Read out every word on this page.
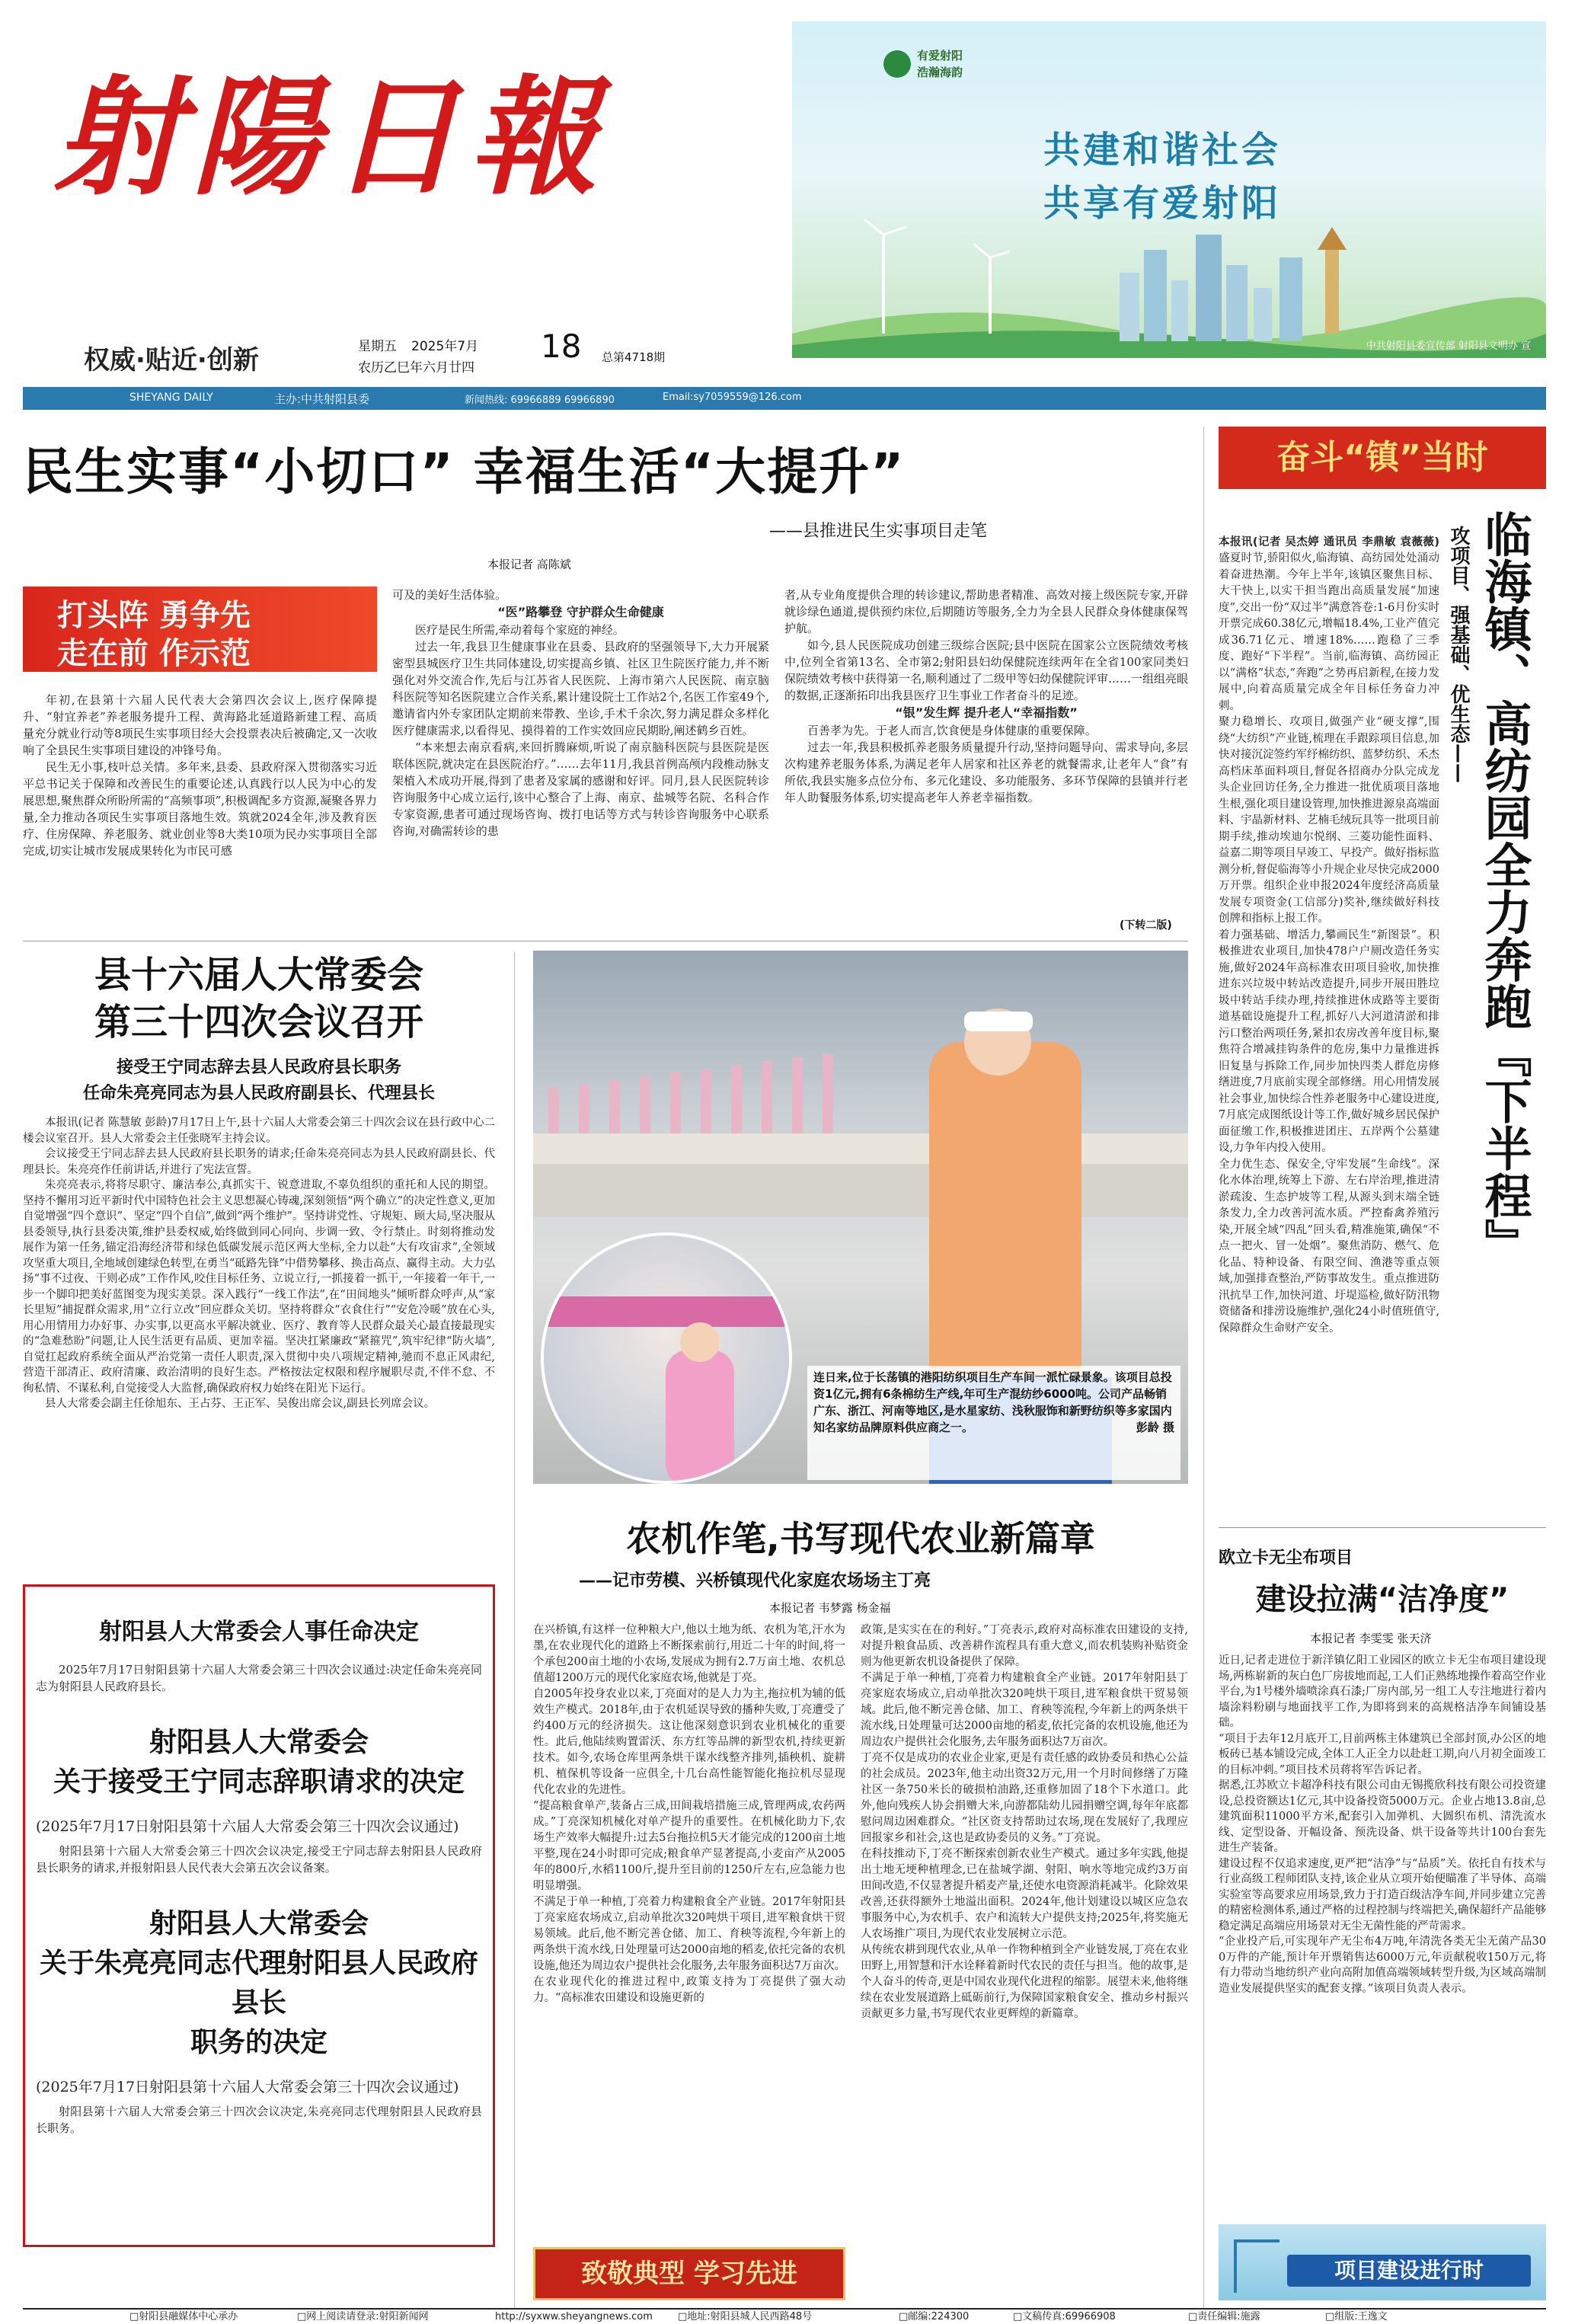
射陽日報
权威·贴近·创新	星期五 2025年7月
农历乙巳年六月廿四
18 总第4718期
有爱射阳
浩瀚海韵
共建和谐社会
共享有爱射阳
中共射阳县委宣传部 射阳县文明办 宣
SHEYANG DAILY	主办:中共射阳县委	新闻热线: 69966889 69966890	Email:sy7059559@126.com
民生实事“小切口” 幸福生活“大提升”
——县推进民生实事项目走笔
本报记者 高陈斌
打头阵 勇争先
走在前 作示范

年初,在县第十六届人民代表大会第四次会议上,医疗保障提升、“射宜养老”养老服务提升工程、黄海路北延道路新建工程、高质量充分就业行动等8项民生实事项目经大会投票表决后被确定,又一次收响了全县民生实事项目建设的冲锋号角。

民生无小事,枝叶总关情。多年来,县委、县政府深入贯彻落实习近平总书记关于保障和改善民生的重要论述,认真践行以人民为中心的发展思想,聚焦群众所盼所需的“高频事项”,积极调配多方资源,凝聚各界力量,全力推动各项民生实事项目落地生效。筑就2024全年,涉及教育医疗、住房保障、养老服务、就业创业等8大类10项为民办实事项目全部完成,切实让城市发展成果转化为市民可感

可及的美好生活体验。

“医”路攀登 守护群众生命健康

医疗是民生所需,牵动着每个家庭的神经。

过去一年,我县卫生健康事业在县委、县政府的坚强领导下,大力开展紧密型县城医疗卫生共同体建设,切实提高乡镇、社区卫生院医疗能力,并不断强化对外交流合作,先后与江苏省人民医院、上海市第六人民医院、南京脑科医院等知名医院建立合作关系,累计建设院士工作站2个,名医工作室49个,邀请省内外专家团队定期前来带教、坐诊,手术千余次,努力满足群众多样化医疗健康需求,以看得见、摸得着的工作实效回应民期盼,阐述鹤乡百姓。

“本来想去南京看病,来回折腾麻烦,听说了南京脑科医院与县医院是医联体医院,就决定在县医院治疗。”……去年11月,我县首例高颅内段椎动脉支架植入术成功开展,得到了患者及家属的感谢和好评。同月,县人民医院转诊咨询服务中心成立运行,该中心整合了上海、南京、盐城等名院、名科合作专家资源,患者可通过现场咨询、拨打电话等方式与转诊咨询服务中心联系咨询,对确需转诊的患

者,从专业角度提供合理的转诊建议,帮助患者精准、高效对接上级医院专家,开辟就诊绿色通道,提供预约床位,后期随访等服务,全力为全县人民群众身体健康保驾护航。

如今,县人民医院成功创建三级综合医院;县中医院在国家公立医院绩效考核中,位列全省第13名、全市第2;射阳县妇幼保健院连续两年在全省100家同类妇保院绩效考核中获得第一名,顺利通过了二级甲等妇幼保健院评审……一组组亮眼的数据,正逐渐拓印出我县医疗卫生事业工作者奋斗的足迹。

“银”发生辉 提升老人“幸福指数”

百善孝为先。于老人而言,饮食便是身体健康的重要保障。

过去一年,我县积极抓养老服务质量提升行动,坚持问题导向、需求导向,多层次构建养老服务体系,为满足老年人居家和社区养老的就餐需求,让老年人“食”有所依,我县实施多点位分布、多元化建设、多功能服务、多环节保障的县镇并行老年人助餐服务体系,切实提高老年人养老幸福指数。

(下转二版)
县十六届人大常委会
第三十四次会议召开
接受王宁同志辞去县人民政府县长职务
任命朱亮亮同志为县人民政府副县长、代理县长

本报讯(记者 陈慧敏 彭龄)7月17日上午,县十六届人大常委会第三十四次会议在县行政中心二楼会议室召开。县人大常委会主任张晓军主持会议。

会议接受王宁同志辞去县人民政府县长职务的请求;任命朱亮亮同志为县人民政府副县长、代理县长。朱亮亮作任前讲话,并进行了宪法宣誓。

朱亮亮表示,将将尽职守、廉洁奉公,真抓实干、锐意进取,不辜负组织的重托和人民的期望。坚持不懈用习近平新时代中国特色社会主义思想凝心铸魂,深刻领悟“两个确立”的决定性意义,更加自觉增强“四个意识”、坚定“四个自信”,做到“两个维护”。坚持讲党性、守规矩、顾大局,坚决服从县委领导,执行县委决策,维护县委权威,始终做到同心同向、步调一致、令行禁止。时刻将推动发展作为第一任务,锚定沿海经济带和绿色低碳发展示范区两大坐标,全力以赴“大有攻宙求”,全领域攻坚重大项目,全地域创建绿色转型,在勇当“砥路先锋”中借势攀移、换击高点、赢得主动。大力弘扬“事不过夜、干则必成”工作作风,咬住目标任务、立说立行,一抓接着一抓干,一年接着一年干,一步一个脚印把美好蓝图变为现实美景。深入践行“一线工作法”,在“田间地头”倾听群众呼声,从“家长里短”捕捉群众需求,用“立行立改”回应群众关切。坚持将群众“衣食住行”“安危冷暖”放在心头,用心用情用力办好事、办实事,以更高水平解决就业、医疗、教育等人民群众最关心最直接最现实的“急难愁盼”问题,让人民生活更有品质、更加幸福。坚决扛紧廉政“紧箍咒”,筑牢纪律“防火墙”,自觉扛起政府系统全面从严治党第一责任人职责,深入贯彻中央八项规定精神,驰而不息正风肃纪,营造干部清正、政府清廉、政治清明的良好生态。严格按法定权限和程序履职尽责,不伴不怠、不徇私情、不谋私利,自觉接受人大监督,确保政府权力始终在阳光下运行。

县人大常委会副主任徐旭东、王占芬、王正军、吴俊出席会议,副县长列席会议。

连日来,位于长荡镇的港阳纺织项目生产车间一派忙碌景象。该项目总投资1亿元,拥有6条棉纺生产线,年可生产混纺纱6000吨。公司产品畅销广东、浙江、河南等地区,是水星家纺、浅秋服饰和新野纺织等多家国内知名家纺品牌原料供应商之一。	彭龄 摄
射阳县人大常委会人事任命决定
2025年7月17日射阳县第十六届人大常委会第三十四次会议通过:决定任命朱亮亮同志为射阳县人民政府县长。
射阳县人大常委会
关于接受王宁同志辞职请求的决定
(2025年7月17日射阳县第十六届人大常委会第三十四次会议通过)
射阳县第十六届人大常委会第三十四次会议决定,接受王宁同志辞去射阳县人民政府县长职务的请求,并报射阳县人民代表大会第五次会议备案。
射阳县人大常委会
关于朱亮亮同志代理射阳县人民政府县长
职务的决定
(2025年7月17日射阳县第十六届人大常委会第三十四次会议通过)
射阳县第十六届人大常委会第三十四次会议决定,朱亮亮同志代理射阳县人民政府县长职务。
农机作笔,书写现代农业新篇章
——记市劳模、兴桥镇现代化家庭农场场主丁亮
本报记者 韦梦露 杨金福
在兴桥镇,有这样一位种粮大户,他以土地为纸、农机为笔,汗水为墨,在农业现代化的道路上不断探索前行,用近二十年的时间,将一个承包200亩土地的小农场,发展成为拥有2.7万亩土地、农机总值超1200万元的现代化家庭农场,他就是丁亮。
自2005年投身农业以来,丁亮面对的是人力为主,拖拉机为辅的低效生产模式。2018年,由于农机延误导致的播种失败,丁亮遭受了约400万元的经济损失。这让他深刻意识到农业机械化的重要性。此后,他陆续购置雷沃、东方红等品牌的新型农机,持续更新技术。如今,农场仓库里两条烘干谋水线整齐排列,插秧机、旋耕机、植保机等设备一应俱全,十几台高性能智能化拖拉机尽显现代化农业的先进性。
“提高粮食单产,装备占三成,田间栽培措施三成,管理两成,农药两成。”丁亮深知机械化对单产提升的重要性。在机械化助力下,农场生产效率大幅提升:过去5台拖拉机5天才能完成的1200亩土地平整,现在24小时即可完成;粮食单产显著提高,小麦亩产从2005年的800斤,水稻1100斤,提升至目前的1250斤左右,应急能力也明显增强。
不满足于单一种植,丁亮着力构建粮食全产业链。2017年射阳县丁亮家庭农场成立,启动单批次320吨烘干项目,进军粮食烘干贸易领域。此后,他不断完善仓储、加工、育秧等流程,今年新上的两条烘干流水线,日处理量可达2000亩地的稻麦,依托完备的农机设施,他还为周边农户提供社会化服务,去年服务面积达7万亩次。
在农业现代化的推进过程中,政策支持为丁亮提供了强大动力。“高标准农田建设和设施更新的
政策,是实实在在的利好。”丁亮表示,政府对高标准农田建设的支持,对提升粮食品质、改善耕作流程具有重大意义,而农机装购补贴资金则为他更新农机设备提供了保障。
不满足于单一种植,丁亮着力构建粮食全产业链。2017年射阳县丁亮家庭农场成立,启动单批次320吨烘干项目,进军粮食烘干贸易领域。此后,他不断完善仓储、加工、育秧等流程,今年新上的两条烘干流水线,日处理量可达2000亩地的稻麦,依托完备的农机设施,他还为周边农户提供社会化服务,去年服务面积达7万亩次。
丁亮不仅是成功的农业企业家,更是有责任感的政协委员和热心公益的社会成员。2023年,他主动出资32万元,用一个月时间修缮了万隆社区一条750米长的破损柏油路,还重修加固了18个下水道口。此外,他向残疾人协会捐赠大米,向游都陆幼儿园捐赠空调,每年年底都慰问周边困难群众。“社区资支持帮助过农场,现在发展好了,我理应回报家乡和社会,这也是政协委员的义务。”丁亮说。
在科技推动下,丁亮不断探索创新农业生产模式。通过多年实践,他提出土地无埂种植理念,已在盐城学湖、射阳、响水等地完成约3万亩田间改造,不仅显著提升稻麦产量,还使水电资源消耗减半。化除效果改善,还获得额外土地溢出面积。2024年,他计划建设以城区应急农事服务中心,为农机手、农户和流转大户提供支持;2025年,将奖施无人农场推广项目,为现代农业发展树立示范。
从传统农耕到现代农业,从单一作物种植到全产业链发展,丁亮在农业田野上,用智慧和汗水诠释着新时代农民的责任与担当。他的故事,是个人奋斗的传奇,更是中国农业现代化进程的缩影。展望未来,他将继续在农业发展道路上砥砺前行,为保障国家粮食安全、推动乡村振兴贡献更多力量,书写现代农业更辉煌的新篇章。
致敬典型 学习先进
奋斗“镇”当时
临海镇、高纺园全力奔跑『下半程』
攻项目、强基础、优生态——

本报讯(记者 吴杰婷 通讯员 李鼎敏 袁薇薇)盛夏时节,骄阳似火,临海镇、高纺园处处涌动着奋进热潮。今年上半年,该镇区聚焦目标、大干快上,以实干担当跑出高质量发展“加速度”,交出一份“双过半”满意答卷:1-6月份实时开票完成60.38亿元,增幅18.4%,工业产值完成36.71亿元、增速18%……跑稳了三季度、跑好“下半程”。当前,临海镇、高纺园正以“满格”状态,“奔跑”之势再启新程,在接力发展中,向着高质量完成全年目标任务奋力冲刺。
聚力稳增长、攻项目,做强产业“硬支撑”,围绕“大纺织”产业链,梳理在手跟踪项目信息,加快对接沉淀签约军纾棉纺织、蓝梦纺织、禾杰高档床革面料项目,督促各招商办分队完成龙头企业回访任务,全力推进一批优质项目落地生根,强化项目建设管理,加快推进源泉高端面料、宇晶新材料、艺楠毛绒玩具等一批项目前期手续,推动埃迪尔悦纲、三菱功能性面料、益嘉二期等项目早竣工、早投产。做好指标监测分析,督促临海等小升规企业尽快完成2000万开票。组织企业申报2024年度经济高质量发展专项资金(工信部分)奖补,继续做好科技创牌和指标上报工作。
着力强基础、增活力,攀画民生“新图景”。积极推进农业项目,加快478户户厕改造任务实施,做好2024年高标准农田项目验收,加快推进东兴垃圾中转站改造提升,同步开展田胜垃圾中转站手续办理,持续推进休成路等主要街道基础设施提升工程,抓好八大河道清淤和排污口整治两项任务,紧扣农房改善年度目标,聚焦符合增减挂钩条件的危房,集中力量推进拆旧复垦与拆除工作,同步加快四类人群危房修缮进度,7月底前实现全部修缮。用心用情发展社会事业,加快综合性养老服务中心建设进度,7月底完成图纸设计等工作,做好城乡居民保护面征缴工作,积极推进团庄、五岸两个公墓建设,力争年内投入使用。
全力优生态、保安全,守牢发展“生命线”。深化水体治理,统筹上下游、左右岸治理,推进清淤疏浚、生态护坡等工程,从源头到末端全链条发力,全力改善河流水质。严控畜禽养殖污染,开展全域“四乱”回头看,精准施策,确保“不点一把火、冒一处烟”。聚焦消防、燃气、危化品、特种设备、有限空间、渔港等重点领域,加强排查整治,严防事故发生。重点推进防汛抗旱工作,加快河道、圩堤巡检,做好防汛物资储备和排涝设施维护,强化24小时值班值守,保障群众生命财产安全。

欧立卡无尘布项目
建设拉满“洁净度”
本报记者 李雯雯 张天济
近日,记者走进位于新洋镇亿阳工业园区的欧立卡无尘布项目建设现场,两栋崭新的灰白色厂房拔地而起,工人们正熟练地操作着高空作业平台,为1号楼外墙喷涂真石漆;厂房内部,另一组工人专注地进行着内墙涂料粉刷与地面找平工作,为即将到来的高规格洁净车间铺设基础。
“项目于去年12月底开工,目前两栋主体建筑已全部封顶,办公区的地板砖已基本铺设完成,全体工人正全力以赴赶工期,向八月初全面竣工的目标冲刺。”项目技术员蒋将军告诉记者。
据悉,江苏欧立卡超净科技有限公司由无锡揽欣科技有限公司投资建设,总投资额达1亿元,其中设备投资5000万元。企业占地13.8亩,总建筑面积11000平方米,配套引入加弹机、大圆织布机、清洗流水线、定型设备、开幅设备、预洗设备、烘干设备等共计100台套先进生产装备。
建设过程不仅追求速度,更严把“洁净”与“品质”关。依托自有技术与行业高级工程师团队支持,该企业从立项开始便瞄准了半导体、高端实验室等高要求应用场景,致力于打造百级洁净车间,并同步建立完善的精密检测体系,通过严格的过程控制与终端把关,确保超纤产品能够稳定满足高端应用场景对无尘无菌性能的严苛需求。
“企业投产后,可实现年产无尘布4万吨,年清洗各类无尘无菌产品300万件的产能,预计年开票销售达6000万元,年贡献税收150万元,将有力带动当地纺织产业向高附加值高端领域转型升级,为区域高端制造业发展提供坚实的配套支撑。”该项目负责人表示。
项目建设进行时
□射阳县融媒体中心承办	□网上阅读请登录:射阳新闻网	http://syxww.sheyangnews.com	□地址:射阳县城人民西路48号	□邮编:224300	□文稿传真:69966908	□责任编辑:施露	□组版:王逸文
